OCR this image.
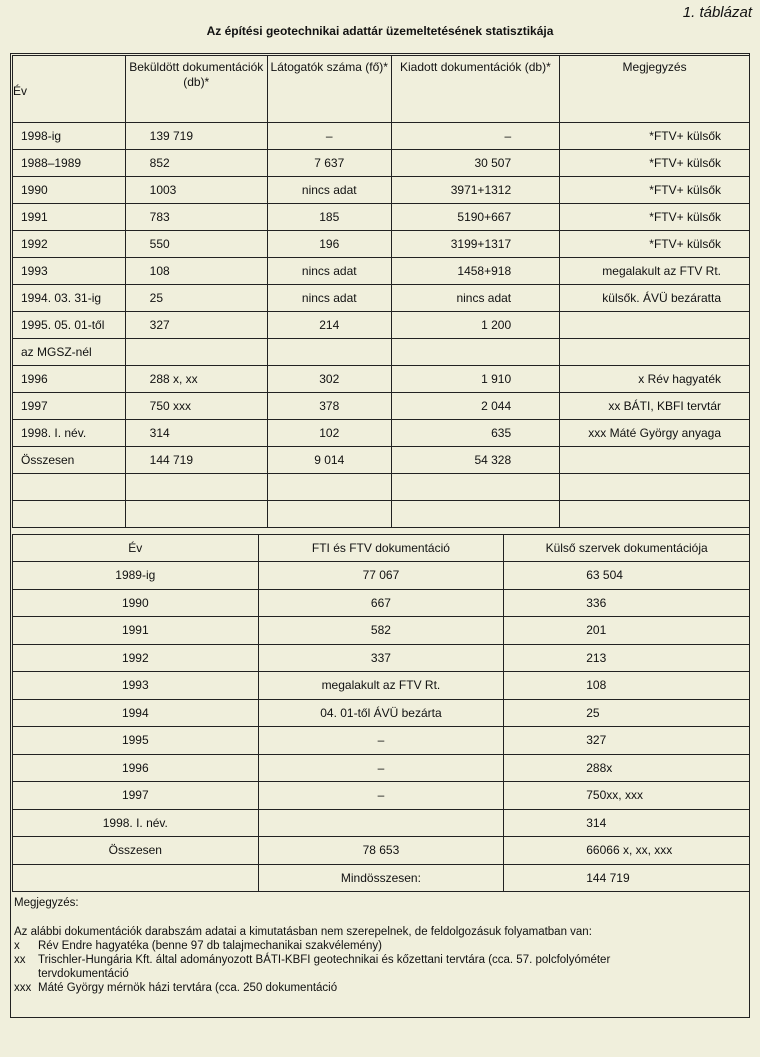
1. táblázat
Az építési geotechnikai adattár üzemeltetésének statisztikája
Év	Beküldött dokumentációk (db)*	Látogatók száma (fő)*	Kiadott dokumentációk (db)*	Megjegyzés
1998-ig	139 719	–	–	*FTV+ külsők
1988–1989	852	7 637	30 507	*FTV+ külsők
1990	1003	nincs adat	3971+1312	*FTV+ külsők
1991	783	185	5190+667	*FTV+ külsők
1992	550	196	3199+1317	*FTV+ külsők
1993	108	nincs adat	1458+918	megalakult az FTV Rt.
1994. 03. 31-ig	25	nincs adat	nincs adat	külsők. ÁVÜ bezáratta
1995. 05. 01-től	327	214	1 200	
az MGSZ-nél				
1996	288 x, xx	302	1 910	x Rév hagyaték
1997	750 xxx	378	2 044	xx BÁTI, KBFI tervtár
1998. I. név.	314	102	635	xxx Máté György anyaga
Összesen	144 719	9 014	54 328	

Év	FTI és FTV dokumentáció	Külső szervek dokumentációja
1989-ig	77 067	63 504
1990	667	336
1991	582	201
1992	337	213
1993	megalakult az FTV Rt.	108
1994	04. 01-től ÁVÜ bezárta	25
1995	–	327
1996	–	288x
1997	–	750xx, xxx
1998. I. név.		314
Összesen	78 653	66066 x, xx, xxx
	Mindösszesen:	144 719
Megjegyzés:
Az alábbi dokumentációk darabszám adatai a kimutatásban nem szerepelnek, de feldolgozásuk folyamatban van:
x	Rév Endre hagyatéka (benne 97 db talajmechanikai szakvélemény)
xx	Trischler-Hungária Kft. által adományozott BÁTI-KBFI geotechnikai és kőzettani tervtára (cca. 57. polcfolyóméter
tervdokumentáció
xxx Máté György mérnök házi tervtára (cca. 250 dokumentáció
